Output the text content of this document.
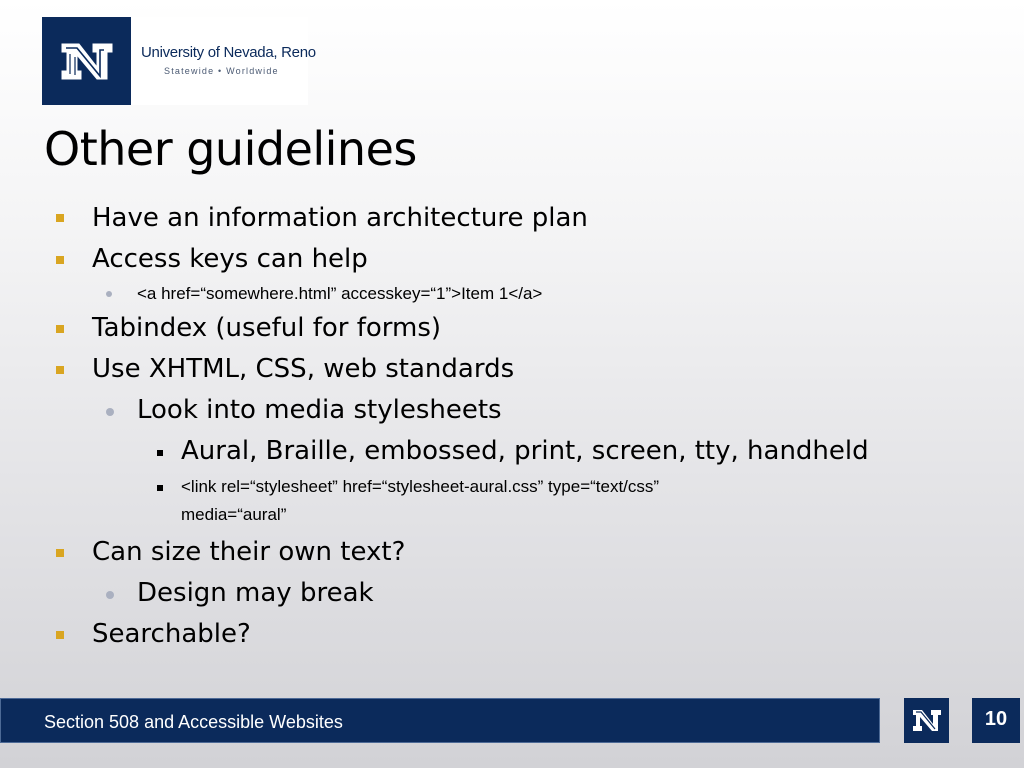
University of Nevada, Reno
Statewide • Worldwide
Other guidelines
Have an information architecture plan
Access keys can help
<a href=“somewhere.html” accesskey=“1”>Item 1</a>
Tabindex (useful for forms)
Use XHTML, CSS, web standards
Look into media stylesheets
Aural, Braille, embossed, print, screen, tty, handheld
<link rel=“stylesheet” href=“stylesheet-aural.css” type=“text/css”
media=“aural”
Can size their own text?
Design may break
Searchable?
Section 508 and Accessible Websites	10
